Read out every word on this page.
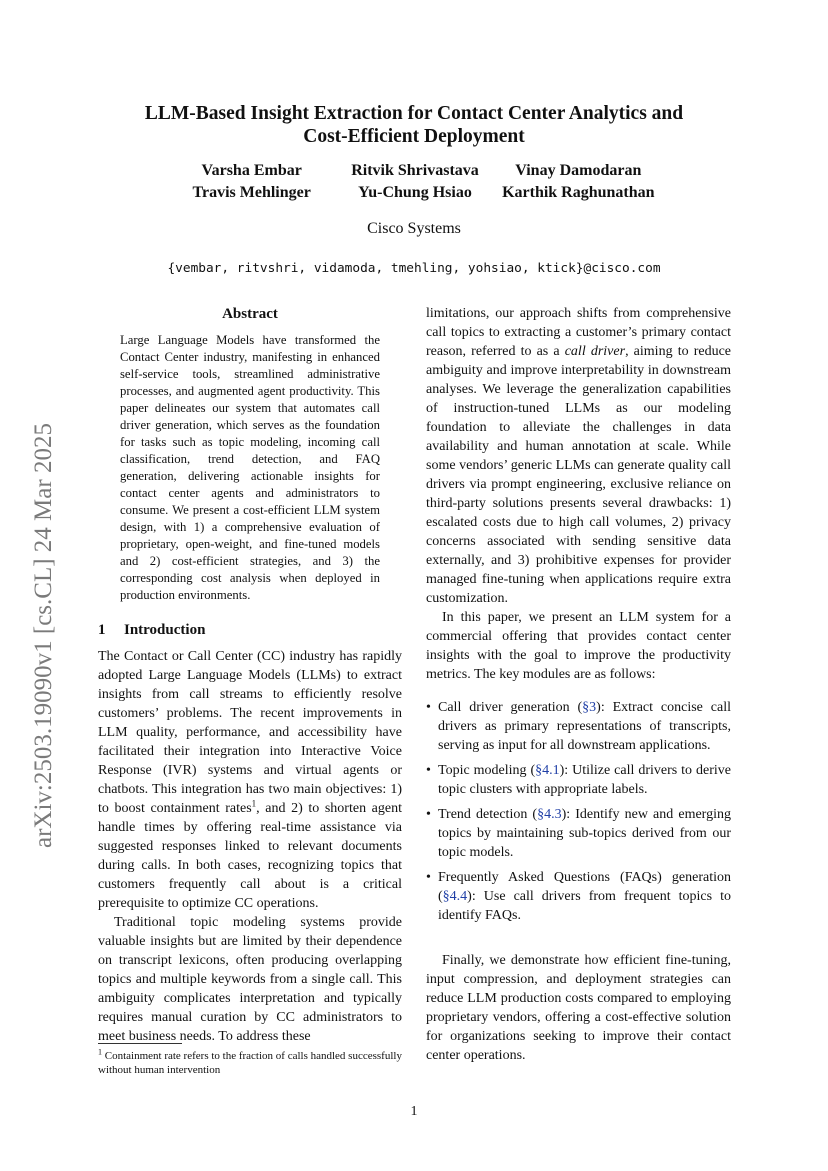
arXiv:2503.19090v1 [cs.CL] 24 Mar 2025
LLM-Based Insight Extraction for Contact Center Analytics and
Cost-Efficient Deployment
Varsha Embar	Ritvik Shrivastava	Vinay Damodaran
Travis Mehlinger	Yu-Chung Hsiao	Karthik Raghunathan
Cisco Systems
{vembar, ritvshri, vidamoda, tmehling, yohsiao, ktick}@cisco.com
Abstract
Large Language Models have transformed the Contact Center industry, manifesting in enhanced self-service tools, streamlined administrative processes, and augmented agent productivity. This paper delineates our system that automates call driver generation, which serves as the foundation for tasks such as topic modeling, incoming call classification, trend detection, and FAQ generation, delivering actionable insights for contact center agents and administrators to consume. We present a cost-efficient LLM system design, with 1) a comprehensive evaluation of proprietary, open-weight, and fine-tuned models and 2) cost-efficient strategies, and 3) the corresponding cost analysis when deployed in production environments.
1 Introduction

The Contact or Call Center (CC) industry has rapidly adopted Large Language Models (LLMs) to extract insights from call streams to efficiently resolve customers’ problems. The recent improvements in LLM quality, performance, and accessibility have facilitated their integration into Interactive Voice Response (IVR) systems and virtual agents or chatbots. This integration has two main objectives: 1) to boost containment rates$^1$, and 2) to shorten agent handle times by offering real-time assistance via suggested responses linked to relevant documents during calls. In both cases, recognizing topics that customers frequently call about is a critical prerequisite to optimize CC operations.

Traditional topic modeling systems provide valuable insights but are limited by their dependence on transcript lexicons, often producing overlapping topics and multiple keywords from a single call. This ambiguity complicates interpretation and typically requires manual curation by CC administrators to meet business needs. To address these

limitations, our approach shifts from comprehensive call topics to extracting a customer’s primary contact reason, referred to as a call driver, aiming to reduce ambiguity and improve interpretability in downstream analyses. We leverage the generalization capabilities of instruction-tuned LLMs as our modeling foundation to alleviate the challenges in data availability and human annotation at scale. While some vendors’ generic LLMs can generate quality call drivers via prompt engineering, exclusive reliance on third-party solutions presents several drawbacks: 1) escalated costs due to high call volumes, 2) privacy concerns associated with sending sensitive data externally, and 3) prohibitive expenses for provider managed fine-tuning when applications require extra customization.

In this paper, we present an LLM system for a commercial offering that provides contact center insights with the goal to improve the productivity metrics. The key modules are as follows:

• Call driver generation (§3): Extract concise call drivers as primary representations of transcripts, serving as input for all downstream applications.
• Topic modeling (§4.1): Utilize call drivers to derive topic clusters with appropriate labels.
• Trend detection (§4.3): Identify new and emerging topics by maintaining sub-topics derived from our topic models.
• Frequently Asked Questions (FAQs) generation (§4.4): Use call drivers from frequent topics to identify FAQs.

Finally, we demonstrate how efficient fine-tuning, input compression, and deployment strategies can reduce LLM production costs compared to employing proprietary vendors, offering a cost-effective solution for organizations seeking to improve their contact center operations.

$^1$ Containment rate refers to the fraction of calls handled successfully without human intervention
1
